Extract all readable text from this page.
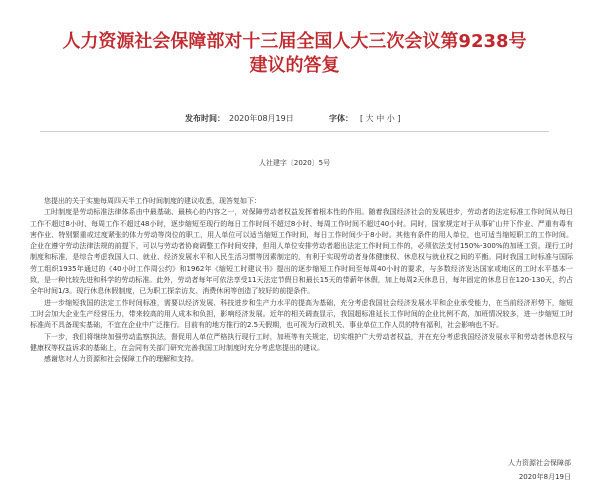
人力资源社会保障部对十三届全国人大三次会议第9238号
建议的答复
发布时间： 2020年08月19日	字体： [ 大 中 小 ]
人社建字〔2020〕5号

您提出的关于实施每周四天半工作时间制度的建议收悉，现答复如下：

工时制度是劳动标准法律体系由中最基础、最核心的内容之一，对保障劳动者权益发挥着根本性的作用。随着我国经济社会的发展进步，劳动者的法定标准工作时间从每日工作不超过8小时、每周工作不超过48小时，逐步缩短至现行的每日工作时间不超过8小时、每周工作时间不超过40小时。同时，国家规定对于从事矿山井下作业、严重有毒有害作业、特别繁重或过度紧张的体力劳动等岗位的职工，用人单位可以适当缩短工作时间，每日工作时间少于8小时。其他有条件的用人单位，也可适当缩短职工的工作时间。企业在遵守劳动法律法规的前提下，可以与劳动者协商调整工作时间安排，但用人单位安排劳动者超出法定工作时间工作的，必须依法支付150%-300%的加班工资。现行工时制度和标准，是综合考虑我国人口、就业、经济发展水平和人民生活习惯等因素制定的，有利于实现劳动者身体健康权、休息权与就业权之间的平衡。同时我国工时标准与国际劳工组织1935年通过的《40小时工作周公约》和1962年《缩短工时建议书》提出的逐步缩短工作时间至每周40小时的要求，与多数经济发达国家或地区的工时水平基本一致，是一种比较先进和科学的劳动标准。此外，劳动者每年可依法享受11天法定节假日和最长15天的带薪年休假，加上每周2天休息日，每年固定的休息日在120-130天，约占全年时间1/3。现行休息休假制度，已为职工探亲访友、消费休闲等创造了较好的前提条件。

进一步缩短我国的法定工作时间标准，需要以经济发展、科技进步和生产力水平的提高为基础，充分考虑我国社会经济发展水平和企业承受能力，在当前经济形势下，缩短工时会加大企业生产经营压力，带来较高的用人成本和负担，影响经济发展。近年的相关调查显示，我国超标准延长工作时间的企业比例不高，加班情况较多，进一步缩短工时标准尚不具备现实基础，不宜在企业中广泛推行。目前有的地方推行的2.5天假期，也可视为行政机关、事业单位工作人员的特有福利，社会影响也不好。

下一步，我们将继续加强劳动监察执法，督促用人单位严格执行现行工时，加班等有关规定，切实维护广大劳动者权益，并在充分考虑我国经济发展水平和劳动者休息权与健康权等权益诉求的基础上，在会同有关部门研究完善我国工时制度时充分考虑您提出的建议。

感谢您对人力资源和社会保障工作的理解和支持。

人力资源社会保障部
2020年8月19日
